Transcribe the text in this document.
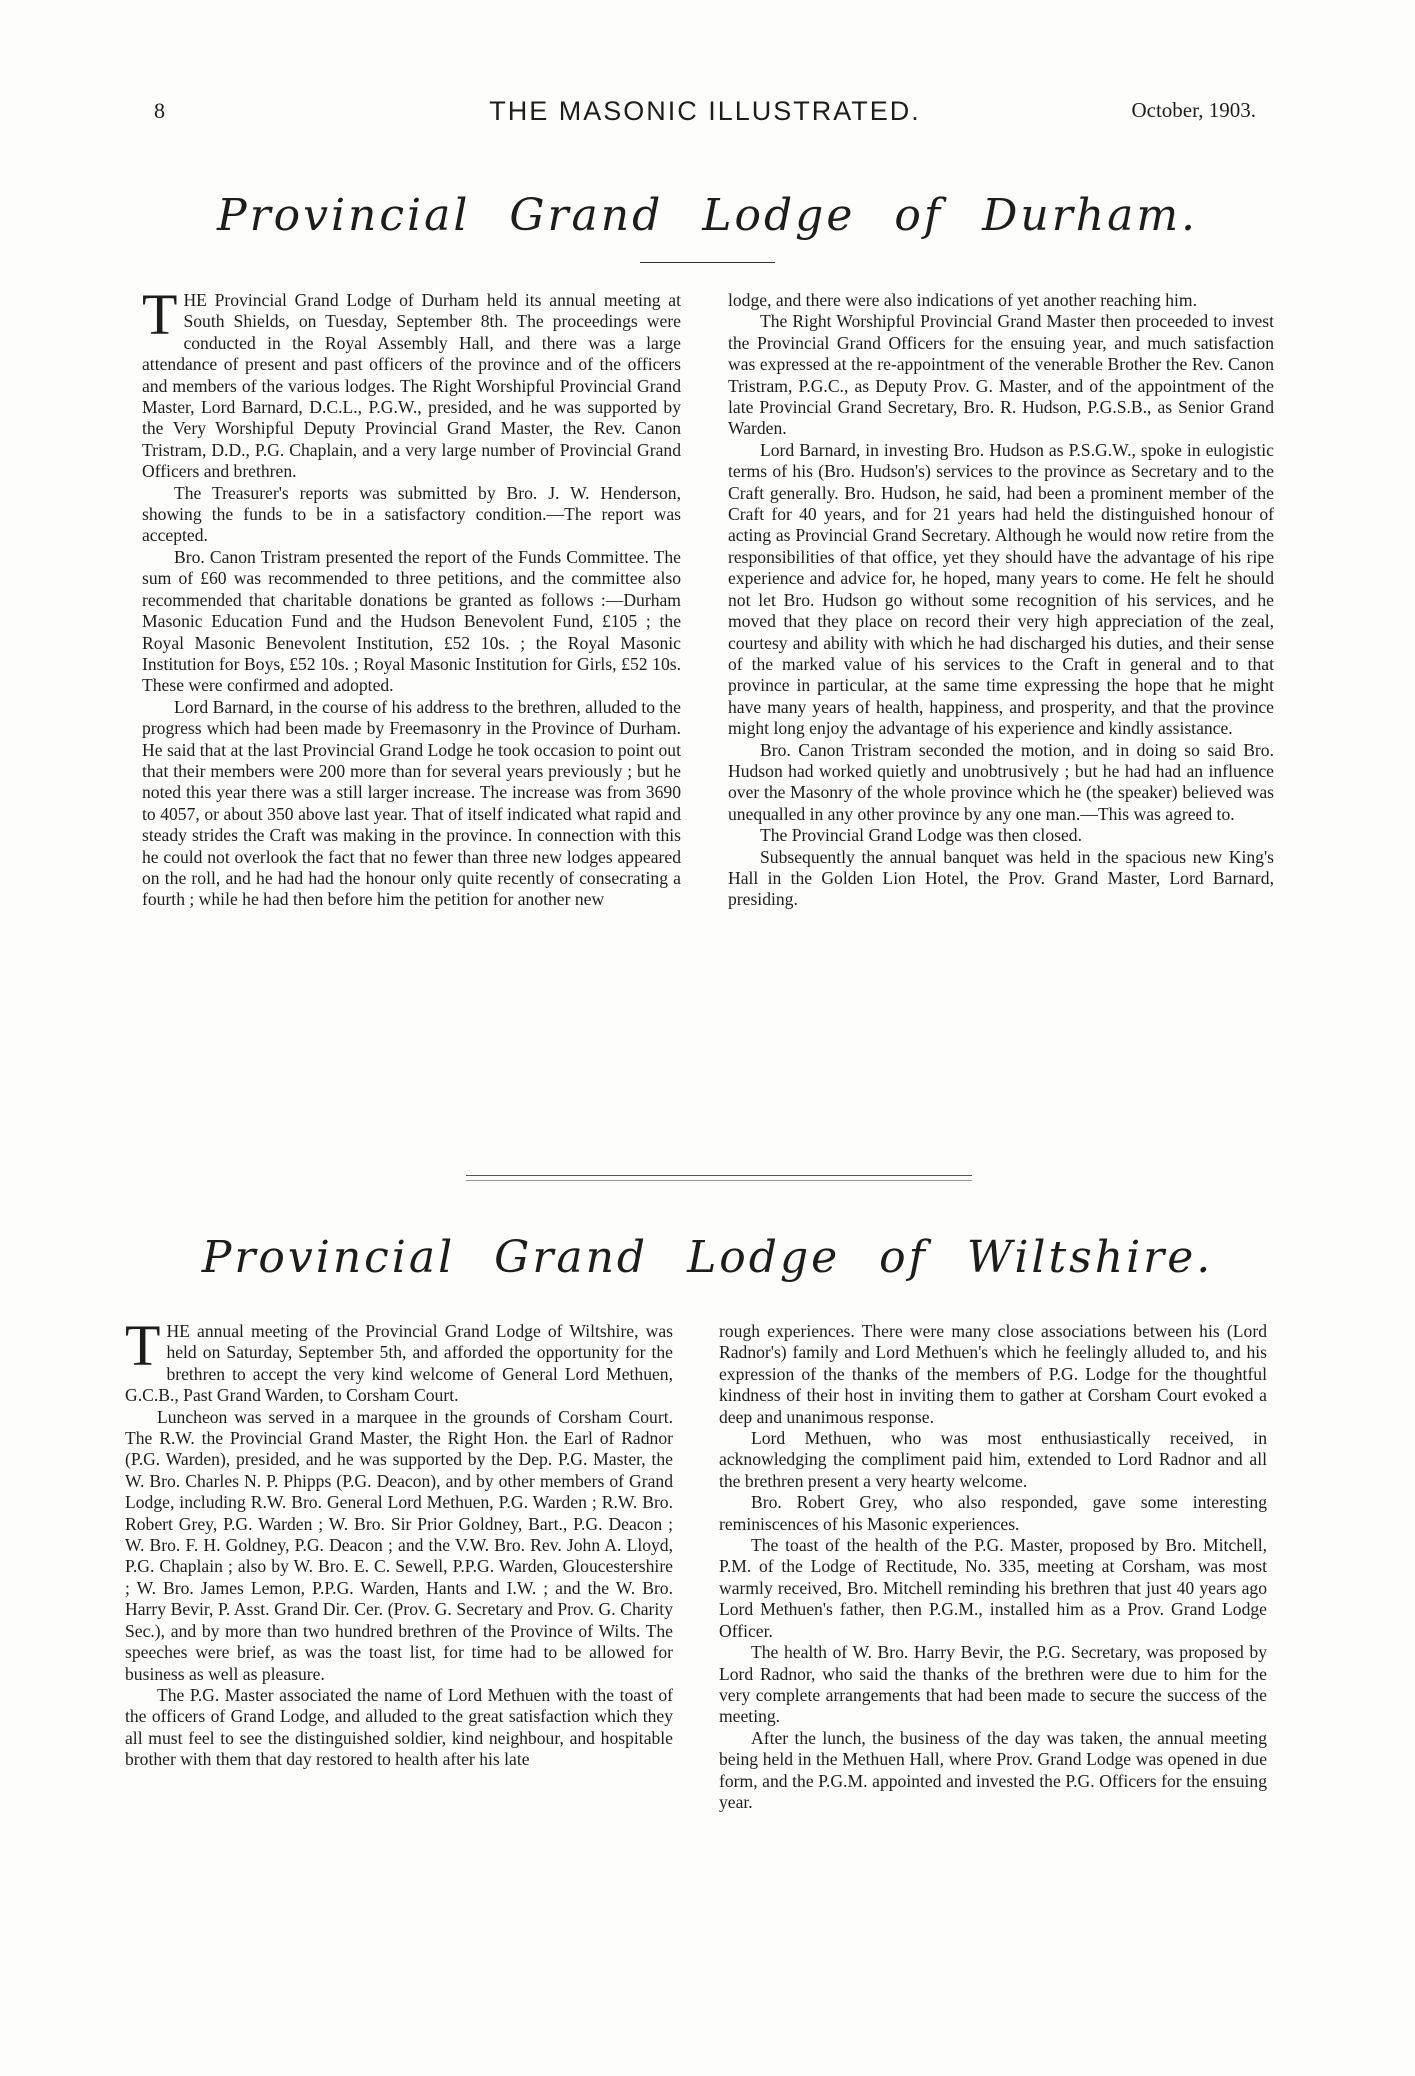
8	THE MASONIC ILLUSTRATED.	October, 1903.
Provincial Grand Lodge of Durham.

THE Provincial Grand Lodge of Durham held its annual meeting at South Shields, on Tuesday, September 8th. The proceedings were conducted in the Royal Assembly Hall, and there was a large attendance of present and past officers of the province and of the officers and members of the various lodges. The Right Worshipful Provincial Grand Master, Lord Barnard, D.C.L., P.G.W., presided, and he was supported by the Very Worshipful Deputy Provincial Grand Master, the Rev. Canon Tristram, D.D., P.G. Chaplain, and a very large number of Provincial Grand Officers and brethren.

The Treasurer's reports was submitted by Bro. J. W. Henderson, showing the funds to be in a satisfactory condition.—The report was accepted.

Bro. Canon Tristram presented the report of the Funds Committee. The sum of £60 was recommended to three petitions, and the committee also recommended that charitable donations be granted as follows :—Durham Masonic Education Fund and the Hudson Benevolent Fund, £105 ; the Royal Masonic Benevolent Institution, £52 10s. ; the Royal Masonic Institution for Boys, £52 10s. ; Royal Masonic Institution for Girls, £52 10s. These were confirmed and adopted.

Lord Barnard, in the course of his address to the brethren, alluded to the progress which had been made by Freemasonry in the Province of Durham. He said that at the last Provincial Grand Lodge he took occasion to point out that their members were 200 more than for several years previously ; but he noted this year there was a still larger increase. The increase was from 3690 to 4057, or about 350 above last year. That of itself indicated what rapid and steady strides the Craft was making in the province. In connection with this he could not overlook the fact that no fewer than three new lodges appeared on the roll, and he had had the honour only quite recently of consecrating a fourth ; while he had then before him the petition for another new

lodge, and there were also indications of yet another reaching him.

The Right Worshipful Provincial Grand Master then proceeded to invest the Provincial Grand Officers for the ensuing year, and much satisfaction was expressed at the re-appointment of the venerable Brother the Rev. Canon Tristram, P.G.C., as Deputy Prov. G. Master, and of the appointment of the late Provincial Grand Secretary, Bro. R. Hudson, P.G.S.B., as Senior Grand Warden.

Lord Barnard, in investing Bro. Hudson as P.S.G.W., spoke in eulogistic terms of his (Bro. Hudson's) services to the province as Secretary and to the Craft generally. Bro. Hudson, he said, had been a prominent member of the Craft for 40 years, and for 21 years had held the distinguished honour of acting as Provincial Grand Secretary. Although he would now retire from the responsibilities of that office, yet they should have the advantage of his ripe experience and advice for, he hoped, many years to come. He felt he should not let Bro. Hudson go without some recognition of his services, and he moved that they place on record their very high appreciation of the zeal, courtesy and ability with which he had discharged his duties, and their sense of the marked value of his services to the Craft in general and to that province in particular, at the same time expressing the hope that he might have many years of health, happiness, and prosperity, and that the province might long enjoy the advantage of his experience and kindly assistance.

Bro. Canon Tristram seconded the motion, and in doing so said Bro. Hudson had worked quietly and unobtrusively ; but he had had an influence over the Masonry of the whole province which he (the speaker) believed was unequalled in any other province by any one man.—This was agreed to.

The Provincial Grand Lodge was then closed.

Subsequently the annual banquet was held in the spacious new King's Hall in the Golden Lion Hotel, the Prov. Grand Master, Lord Barnard, presiding.

Provincial Grand Lodge of Wiltshire.

THE annual meeting of the Provincial Grand Lodge of Wiltshire, was held on Saturday, September 5th, and afforded the opportunity for the brethren to accept the very kind welcome of General Lord Methuen, G.C.B., Past Grand Warden, to Corsham Court.

Luncheon was served in a marquee in the grounds of Corsham Court. The R.W. the Provincial Grand Master, the Right Hon. the Earl of Radnor (P.G. Warden), presided, and he was supported by the Dep. P.G. Master, the W. Bro. Charles N. P. Phipps (P.G. Deacon), and by other members of Grand Lodge, including R.W. Bro. General Lord Methuen, P.G. Warden ; R.W. Bro. Robert Grey, P.G. Warden ; W. Bro. Sir Prior Goldney, Bart., P.G. Deacon ; W. Bro. F. H. Goldney, P.G. Deacon ; and the V.W. Bro. Rev. John A. Lloyd, P.G. Chaplain ; also by W. Bro. E. C. Sewell, P.P.G. Warden, Gloucestershire ; W. Bro. James Lemon, P.P.G. Warden, Hants and I.W. ; and the W. Bro. Harry Bevir, P. Asst. Grand Dir. Cer. (Prov. G. Secretary and Prov. G. Charity Sec.), and by more than two hundred brethren of the Province of Wilts. The speeches were brief, as was the toast list, for time had to be allowed for business as well as pleasure.

The P.G. Master associated the name of Lord Methuen with the toast of the officers of Grand Lodge, and alluded to the great satisfaction which they all must feel to see the distinguished soldier, kind neighbour, and hospitable brother with them that day restored to health after his late

rough experiences. There were many close associations between his (Lord Radnor's) family and Lord Methuen's which he feelingly alluded to, and his expression of the thanks of the members of P.G. Lodge for the thoughtful kindness of their host in inviting them to gather at Corsham Court evoked a deep and unanimous response.

Lord Methuen, who was most enthusiastically received, in acknowledging the compliment paid him, extended to Lord Radnor and all the brethren present a very hearty welcome.

Bro. Robert Grey, who also responded, gave some interesting reminiscences of his Masonic experiences.

The toast of the health of the P.G. Master, proposed by Bro. Mitchell, P.M. of the Lodge of Rectitude, No. 335, meeting at Corsham, was most warmly received, Bro. Mitchell reminding his brethren that just 40 years ago Lord Methuen's father, then P.G.M., installed him as a Prov. Grand Lodge Officer.

The health of W. Bro. Harry Bevir, the P.G. Secretary, was proposed by Lord Radnor, who said the thanks of the brethren were due to him for the very complete arrangements that had been made to secure the success of the meeting.

After the lunch, the business of the day was taken, the annual meeting being held in the Methuen Hall, where Prov. Grand Lodge was opened in due form, and the P.G.M. appointed and invested the P.G. Officers for the ensuing year.
